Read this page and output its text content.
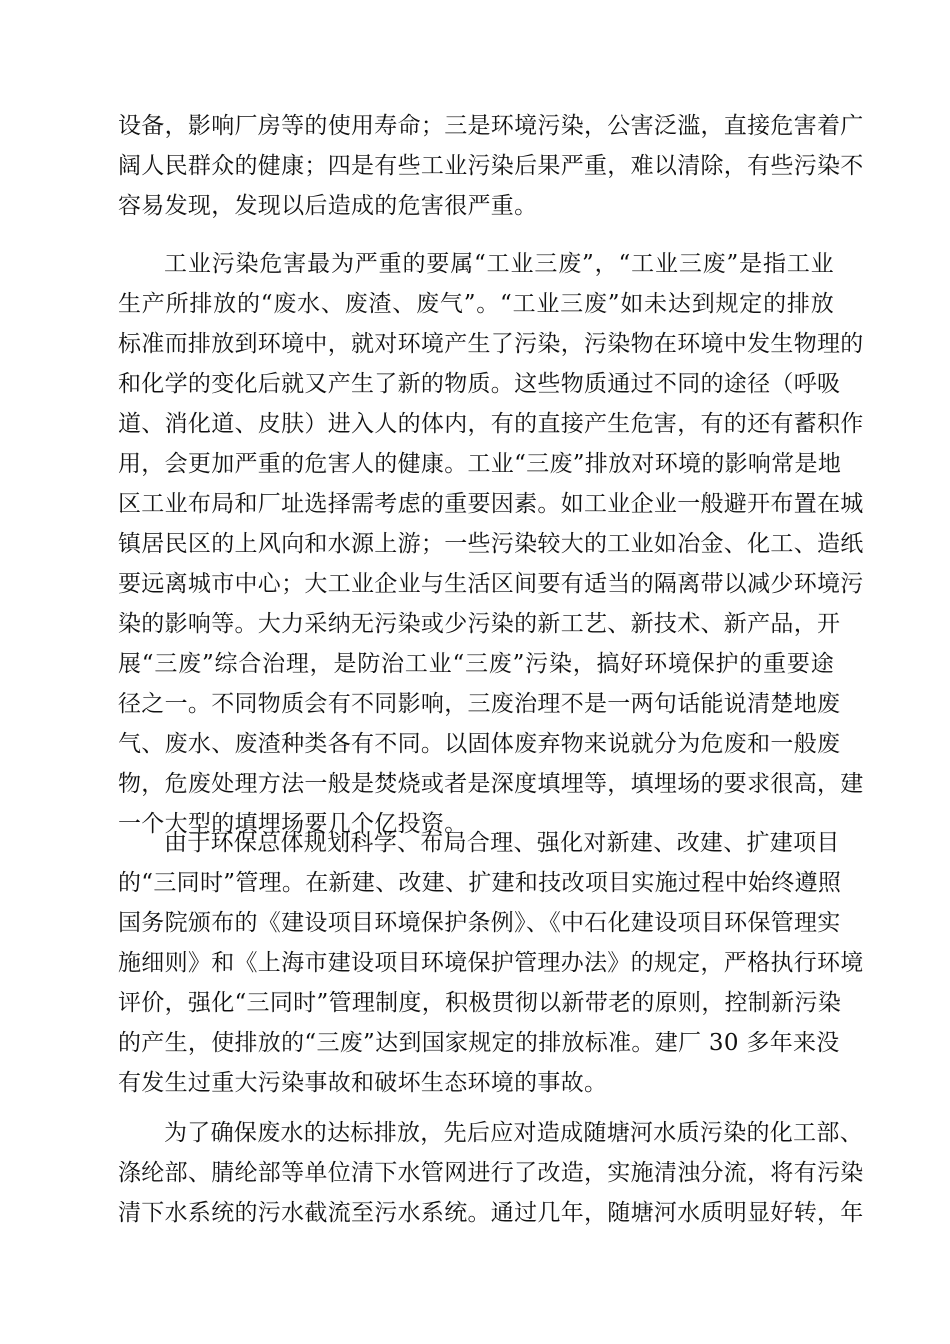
设备，影响厂房等的使用寿命；三是环境污染，公害泛滥，直接危害着广
阔人民群众的健康；四是有些工业污染后果严重，难以清除，有些污染不
容易发现，发现以后造成的危害很严重。
工业污染危害最为严重的要属“工业三废”，“工业三废”是指工业
生产所排放的“废水、废渣、废气”。“工业三废”如未达到规定的排放
标准而排放到环境中，就对环境产生了污染，污染物在环境中发生物理的
和化学的变化后就又产生了新的物质。这些物质通过不同的途径（呼吸
道、消化道、皮肤）进入人的体内，有的直接产生危害，有的还有蓄积作
用，会更加严重的危害人的健康。工业“三废”排放对环境的影响常是地
区工业布局和厂址选择需考虑的重要因素。如工业企业一般避开布置在城
镇居民区的上风向和水源上游；一些污染较大的工业如冶金、化工、造纸
要远离城市中心；大工业企业与生活区间要有适当的隔离带以减少环境污
染的影响等。大力采纳无污染或少污染的新工艺、新技术、新产品，开
展“三废”综合治理，是防治工业“三废”污染，搞好环境保护的重要途
径之一。不同物质会有不同影响，三废治理不是一两句话能说清楚地废
气、废水、废渣种类各有不同。以固体废弃物来说就分为危废和一般废
物，危废处理方法一般是焚烧或者是深度填埋等，填埋场的要求很高，建
一个大型的填埋场要几个亿投资。
由于环保总体规划科学、布局合理、强化对新建、改建、扩建项目
的“三同时”管理。在新建、改建、扩建和技改项目实施过程中始终遵照
国务院颁布的《建设项目环境保护条例》、《中石化建设项目环保管理实
施细则》和《上海市建设项目环境保护管理办法》的规定，严格执行环境
评价，强化“三同时”管理制度，积极贯彻以新带老的原则，控制新污染
的产生，使排放的“三废”达到国家规定的排放标准。建厂 30 多年来没
有发生过重大污染事故和破坏生态环境的事故。
为了确保废水的达标排放，先后应对造成随塘河水质污染的化工部、
涤纶部、腈纶部等单位清下水管网进行了改造，实施清浊分流，将有污染
清下水系统的污水截流至污水系统。通过几年，随塘河水质明显好转，年
